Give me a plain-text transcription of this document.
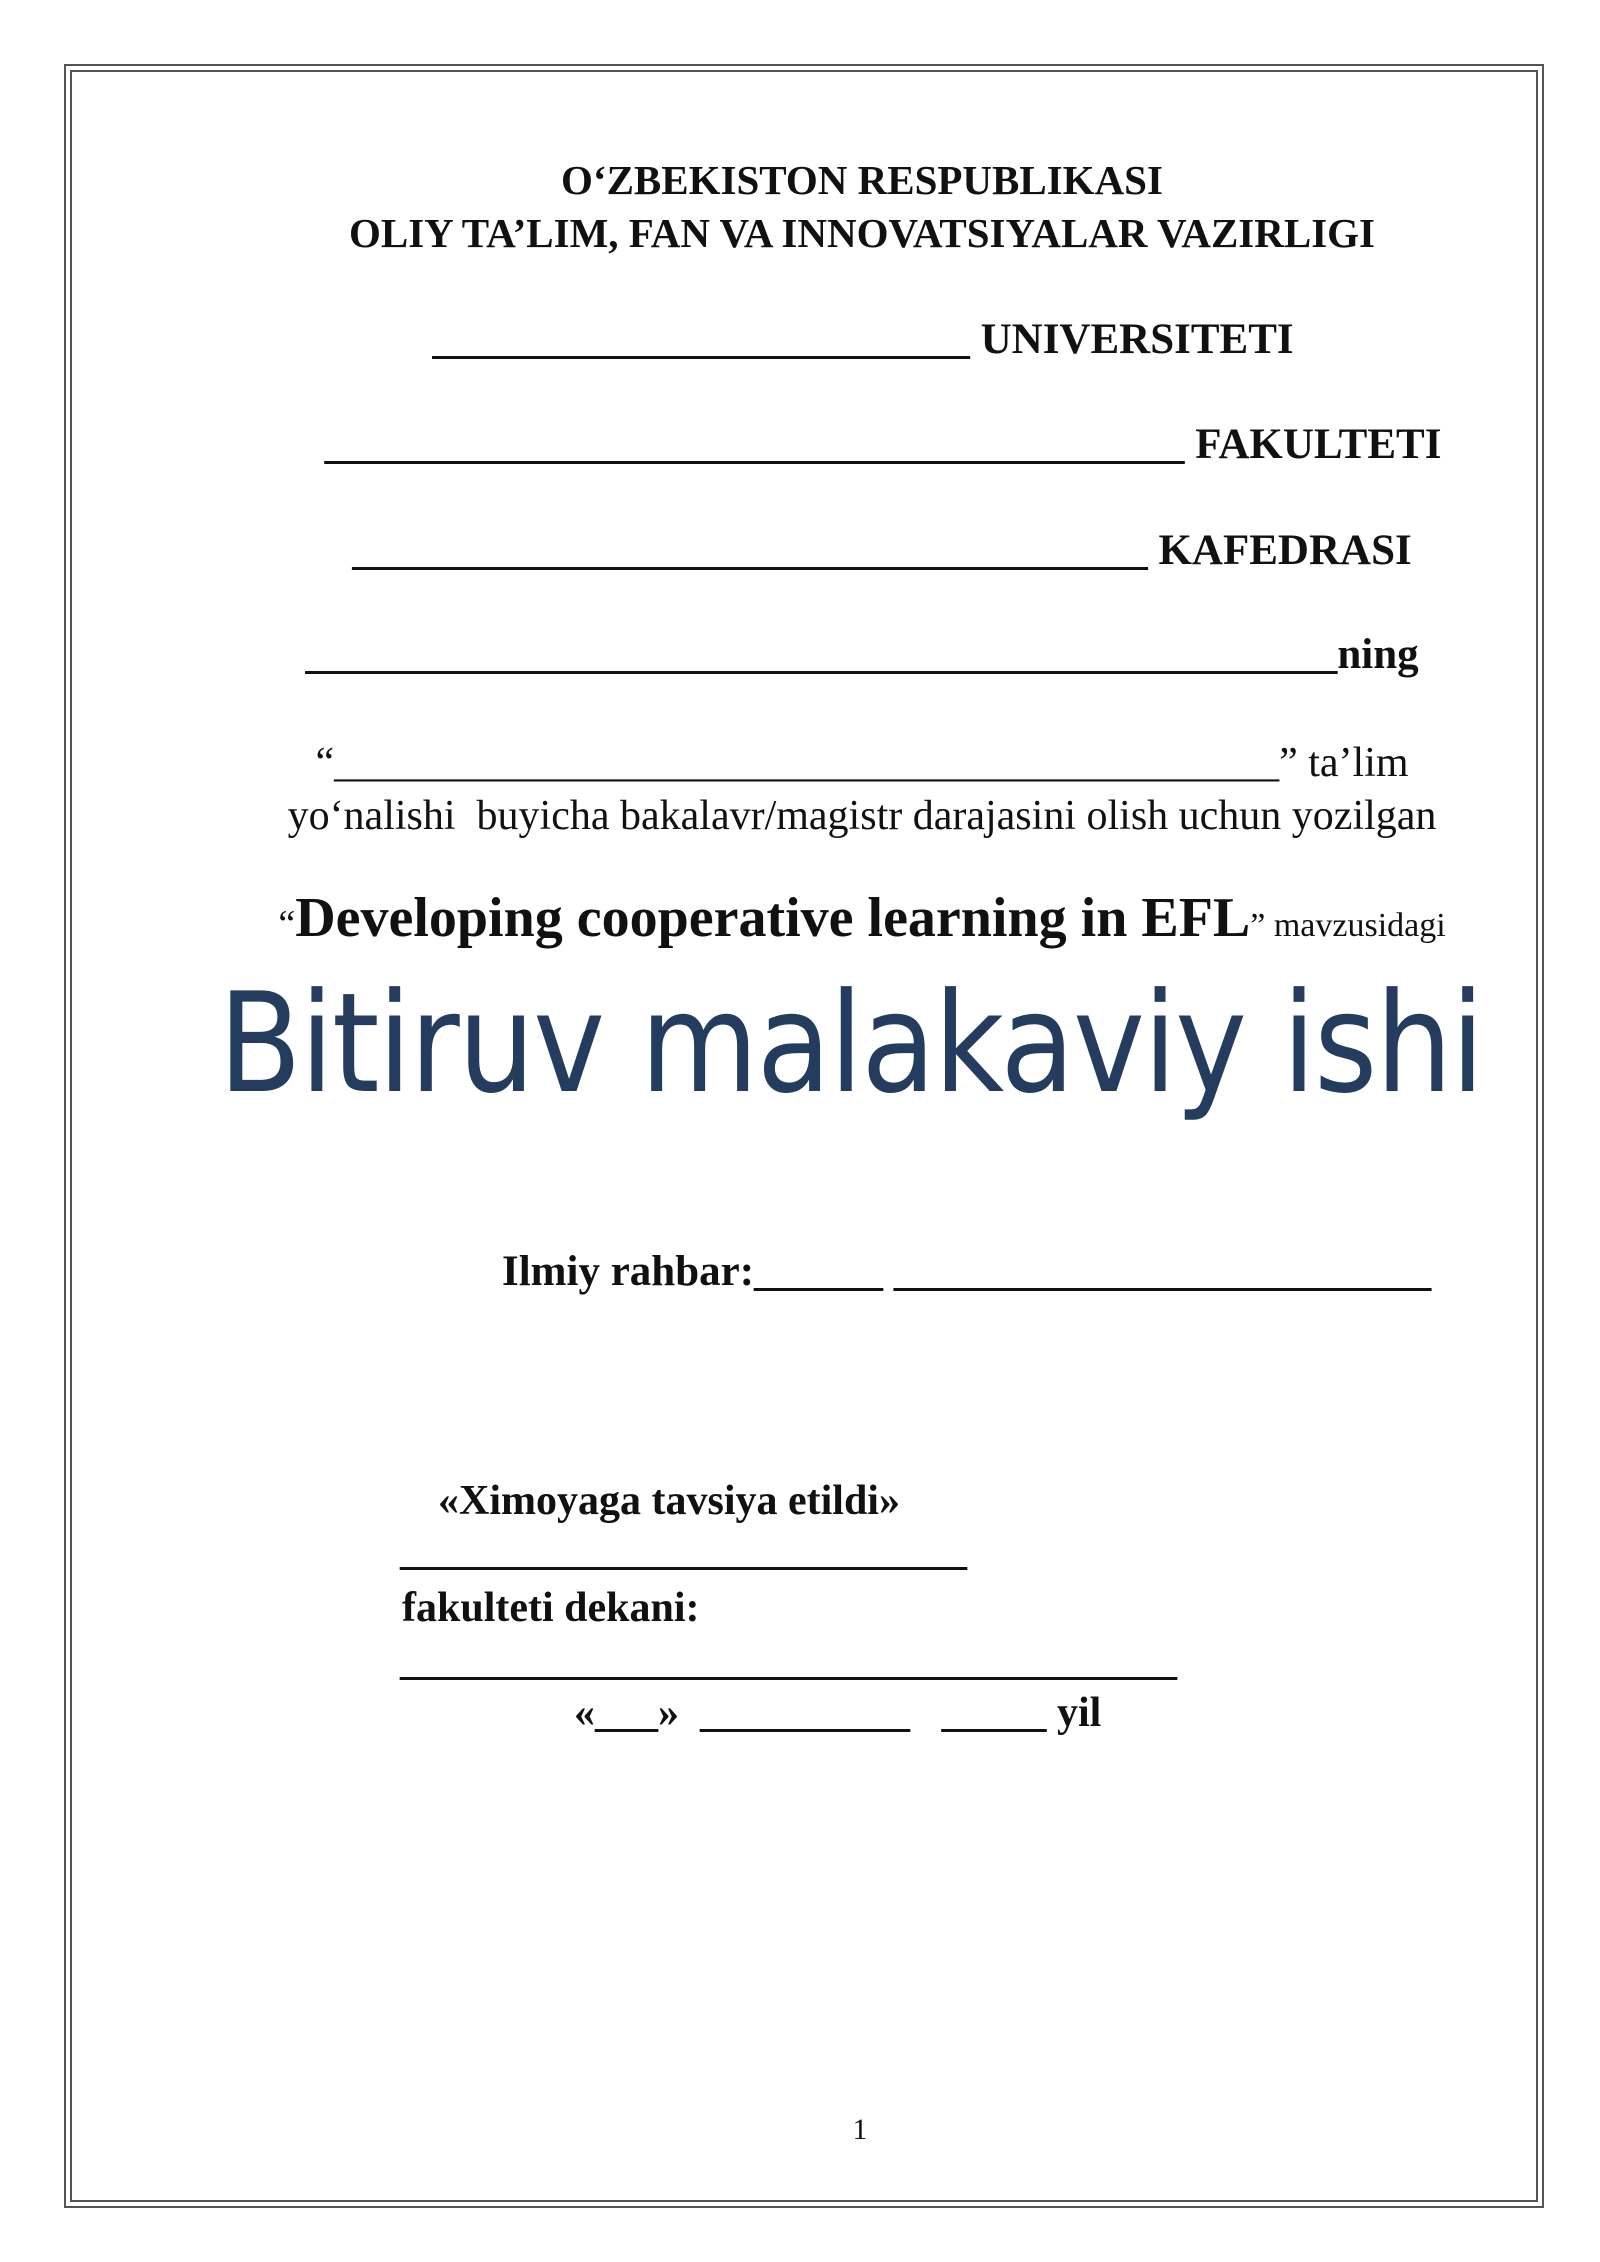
O‘ZBEKISTON RESPUBLIKASI
OLIY TA’LIM, FAN VA INNOVATSIYALAR VAZIRLIGI
_________________________ UNIVERSITETI
________________________________________ FAKULTETI
_____________________________________ KAFEDRASI
________________________________________________ning
“_____________________________________________” ta’lim
yo‘nalishi  buyicha bakalavr/magistr darajasini olish uchun yozilgan
“Developing cooperative learning in EFL” mavzusidagi
Bitiruv malakaviy ishi
Ilmiy rahbar:______ _________________________
«Ximoyaga tavsiya etildi»
___________________________
fakulteti dekani:
_____________________________________
«___»  __________   _____ yil
1
